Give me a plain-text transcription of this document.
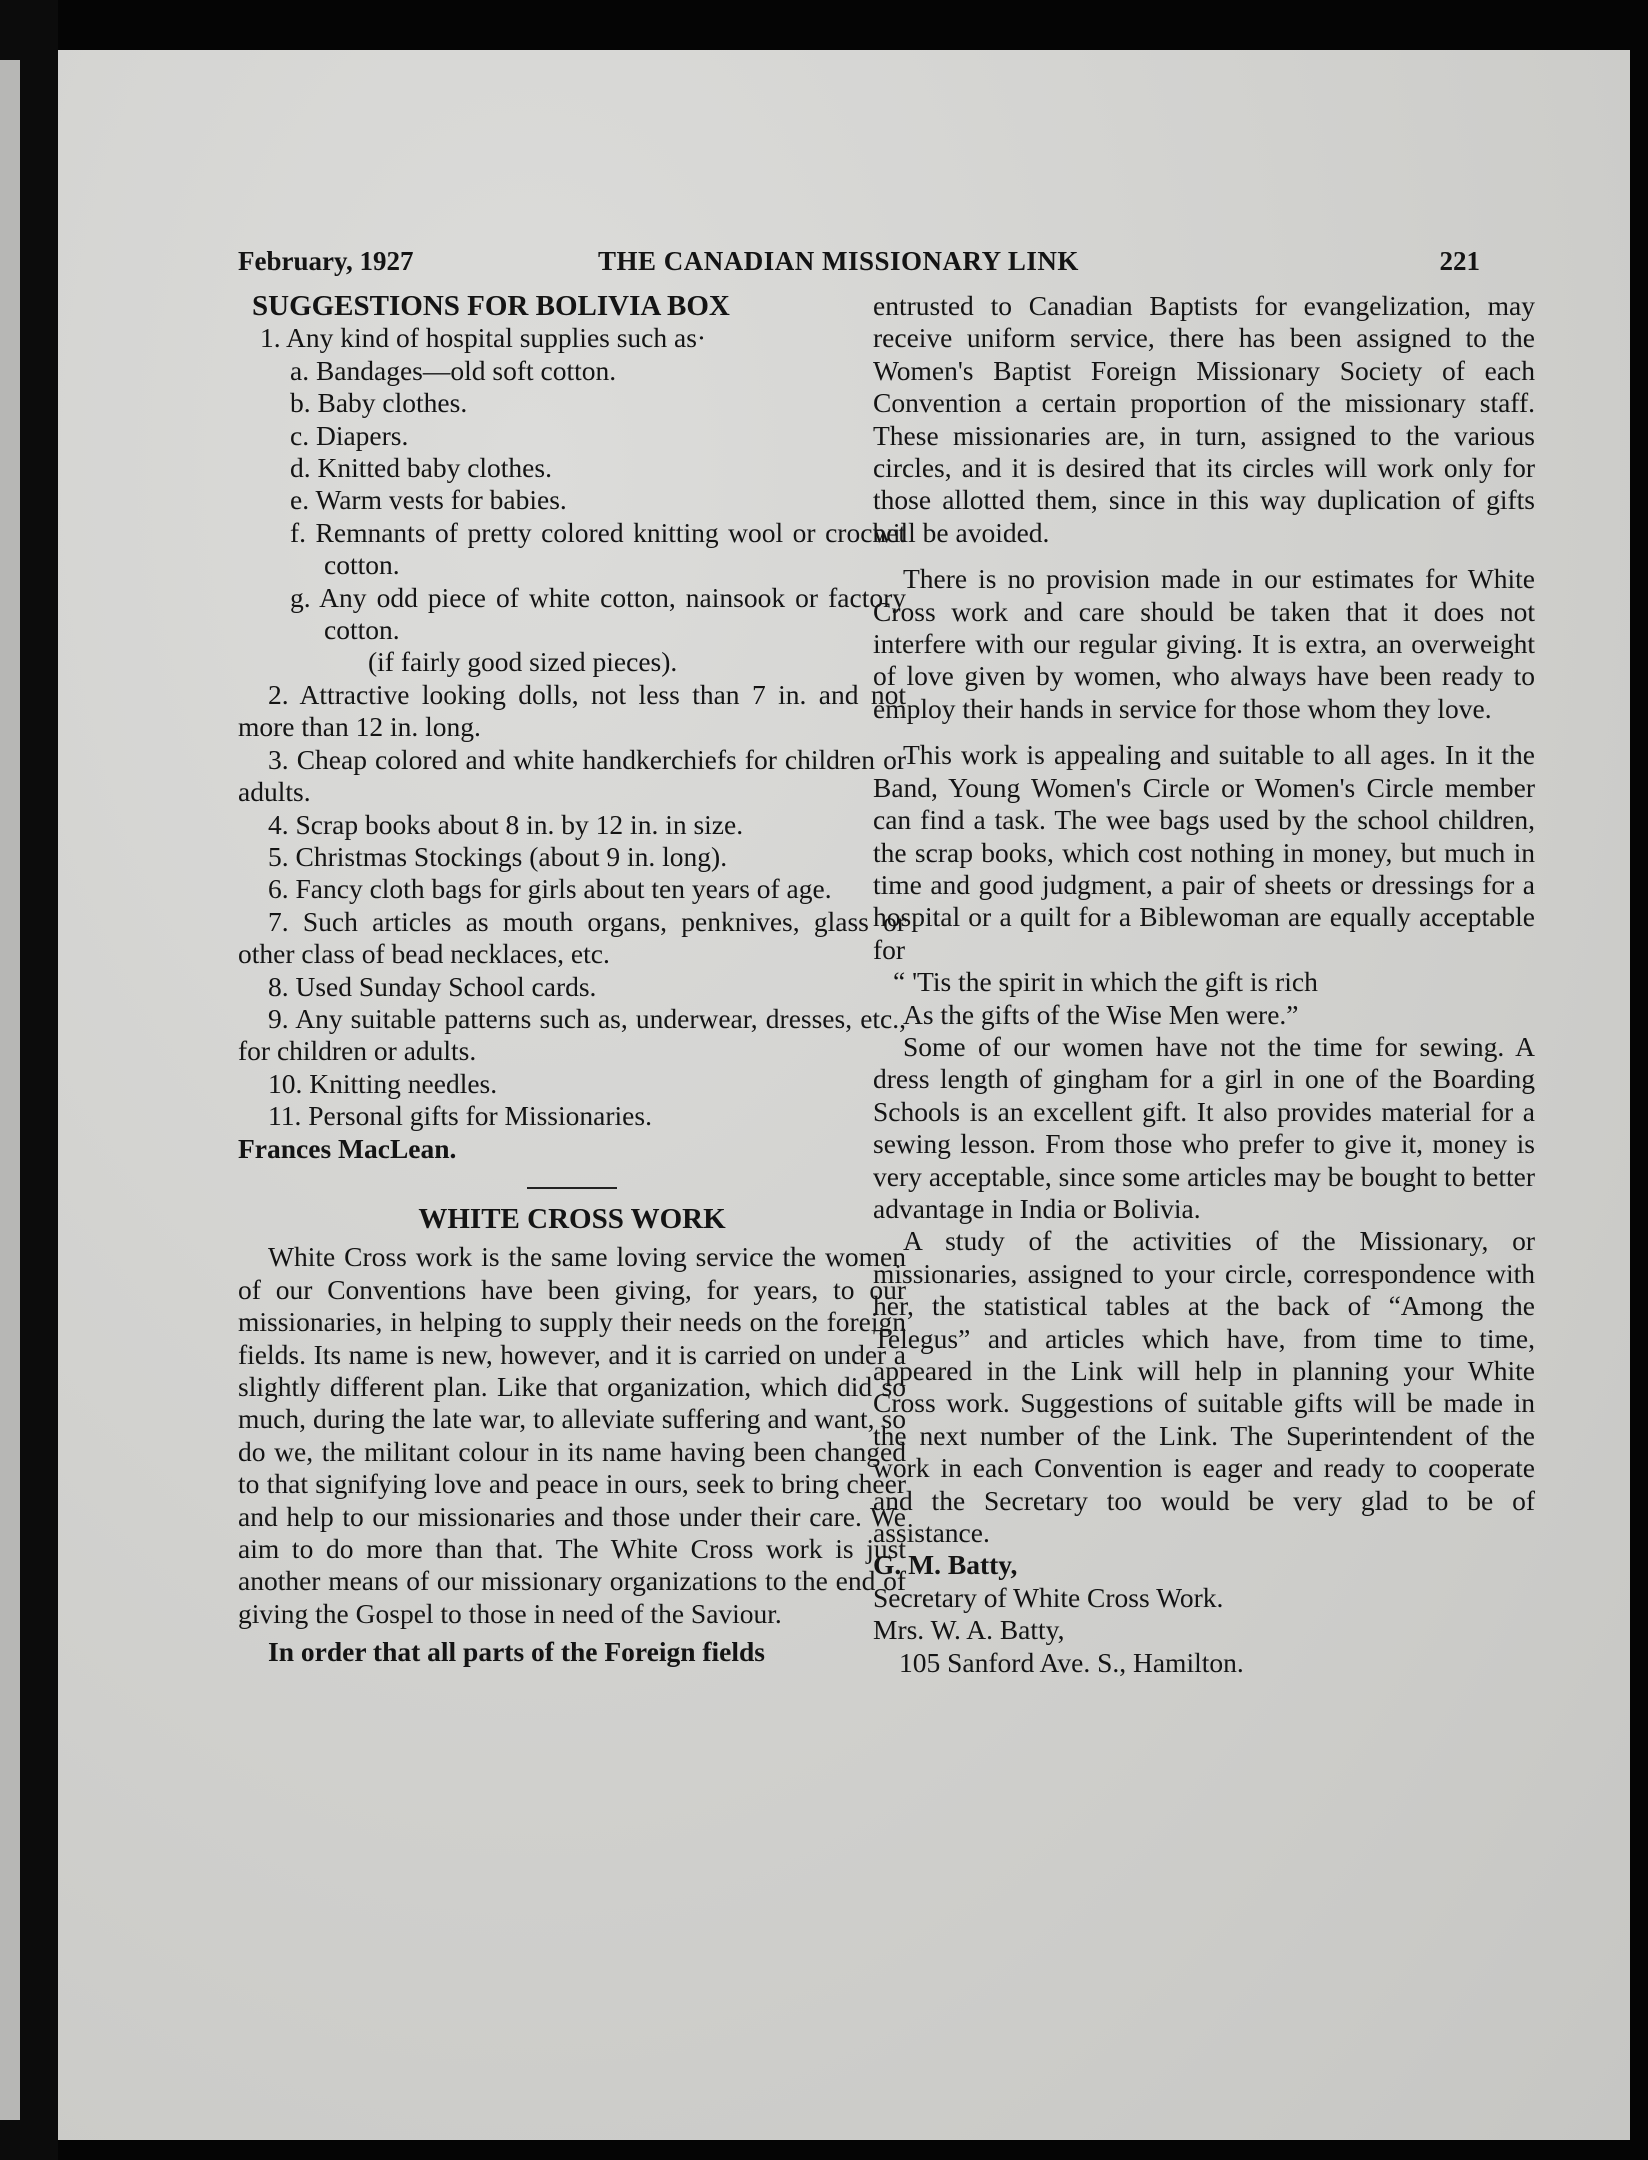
February, 1927	THE CANADIAN MISSIONARY LINK	221

SUGGESTIONS FOR BOLIVIA BOX

1. Any kind of hospital supplies such as·

a. Bandages—old soft cotton.

b. Baby clothes.

c. Diapers.

d. Knitted baby clothes.

e. Warm vests for babies.

f. Remnants of pretty colored knitting wool or crochet cotton.

g. Any odd piece of white cotton, nainsook or factory cotton.

(if fairly good sized pieces).

2. Attractive looking dolls, not less than 7 in. and not more than 12 in. long.

3. Cheap colored and white handkerchiefs for children or adults.

4. Scrap books about 8 in. by 12 in. in size.

5. Christmas Stockings (about 9 in. long).

6. Fancy cloth bags for girls about ten years of age.

7. Such articles as mouth organs, penknives, glass or other class of bead necklaces, etc.

8. Used Sunday School cards.

9. Any suitable patterns such as, underwear, dresses, etc., for children or adults.

10. Knitting needles.

11. Personal gifts for Missionaries.

Frances MacLean.

WHITE CROSS WORK

White Cross work is the same loving service the women of our Conventions have been giving, for years, to our missionaries, in helping to supply their needs on the foreign fields. Its name is new, however, and it is carried on under a slightly different plan. Like that organization, which did so much, during the late war, to alleviate suffering and want, so do we, the militant colour in its name having been changed to that signifying love and peace in ours, seek to bring cheer and help to our missionaries and those under their care. We aim to do more than that. The White Cross work is just another means of our missionary organizations to the end of giving the Gospel to those in need of the Saviour.

In order that all parts of the Foreign fields

entrusted to Canadian Baptists for evangelization, may receive uniform service, there has been assigned to the Women's Baptist Foreign Missionary Society of each Convention a certain proportion of the missionary staff. These missionaries are, in turn, assigned to the various circles, and it is desired that its circles will work only for those allotted them, since in this way duplication of gifts will be avoided.

There is no provision made in our estimates for White Cross work and care should be taken that it does not interfere with our regular giving. It is extra, an overweight of love given by women, who always have been ready to employ their hands in service for those whom they love.

This work is appealing and suitable to all ages. In it the Band, Young Women's Circle or Women's Circle member can find a task. The wee bags used by the school children, the scrap books, which cost nothing in money, but much in time and good judgment, a pair of sheets or dressings for a hospital or a quilt for a Biblewoman are equally acceptable for

“ 'Tis the spirit in which the gift is rich

As the gifts of the Wise Men were.”

Some of our women have not the time for sewing. A dress length of gingham for a girl in one of the Boarding Schools is an excellent gift. It also provides material for a sewing lesson. From those who prefer to give it, money is very acceptable, since some articles may be bought to better advantage in India or Bolivia.

A study of the activities of the Missionary, or missionaries, assigned to your circle, correspondence with her, the statistical tables at the back of “Among the Telegus” and articles which have, from time to time, appeared in the Link will help in planning your White Cross work. Suggestions of suitable gifts will be made in the next number of the Link. The Superintendent of the work in each Convention is eager and ready to cooperate and the Secretary too would be very glad to be of assistance.

G. M. Batty,

Secretary of White Cross Work.

Mrs. W. A. Batty,

105 Sanford Ave. S., Hamilton.
